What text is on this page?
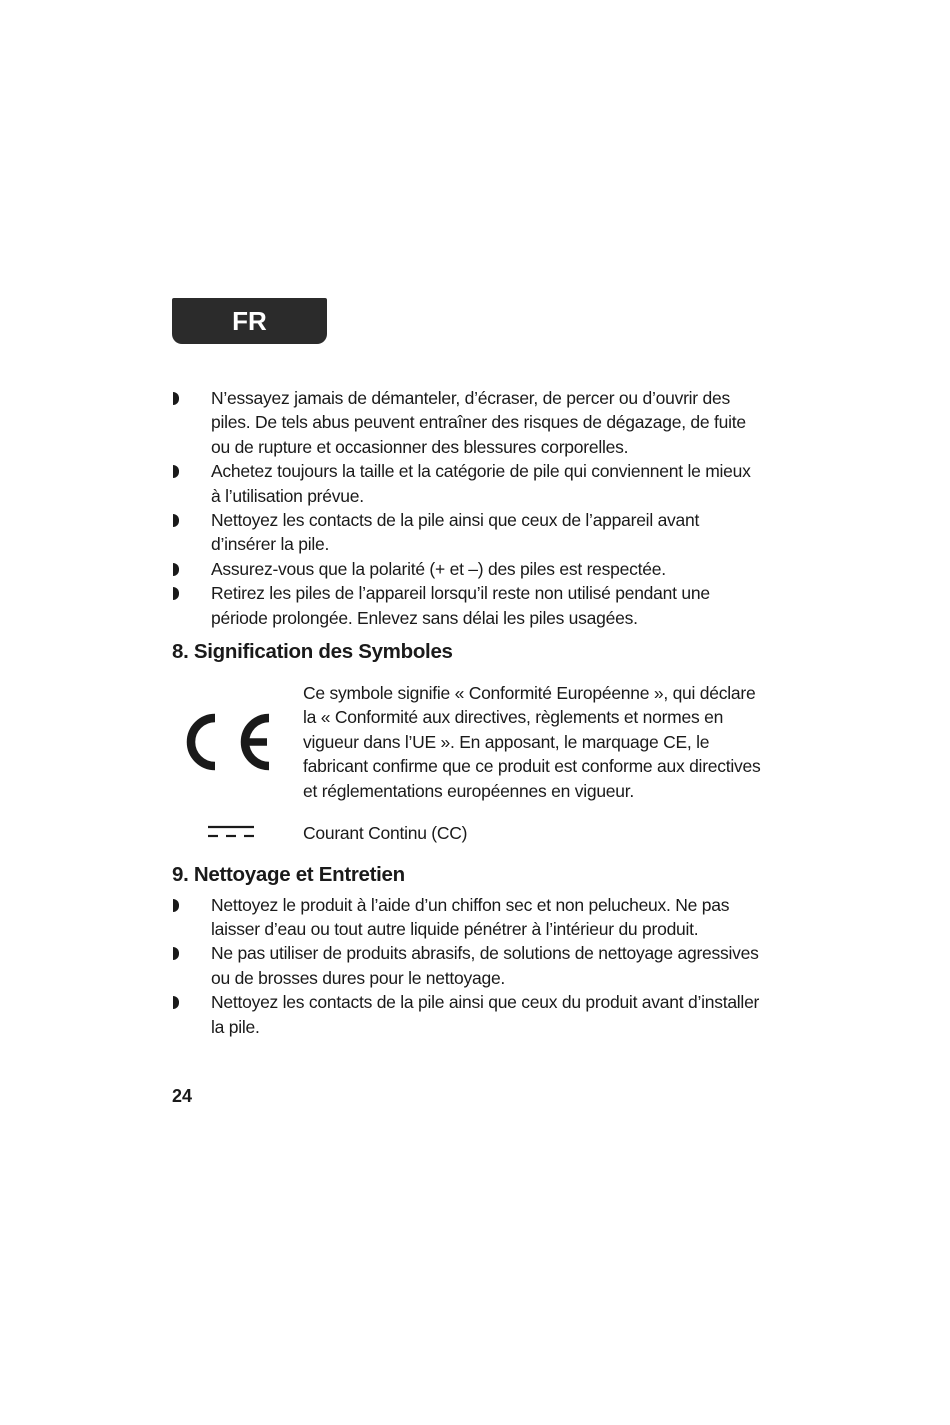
FR
N’essayez jamais de démanteler, d’écraser, de percer ou d’ouvrir des piles. De tels abus peuvent entraîner des risques de dégazage, de fuite ou de rupture et occasionner des blessures corporelles.
Achetez toujours la taille et la catégorie de pile qui conviennent le mieux à l’utilisation prévue.
Nettoyez les contacts de la pile ainsi que ceux de l’appareil avant d’insérer la pile.
Assurez-vous que la polarité (+ et –) des piles est respectée.
Retirez les piles de l’appareil lorsqu’il reste non utilisé pendant une période prolongée. Enlevez sans délai les piles usagées.
8. Signification des Symboles
Ce symbole signifie « Conformité Européenne », qui déclare la « Conformité aux directives, règlements et normes en vigueur dans l’UE ». En apposant, le marquage CE, le fabricant confirme que ce produit est conforme aux directives et réglementations européennes en vigueur.
Courant Continu (CC)
9. Nettoyage et Entretien
Nettoyez le produit à l’aide d’un chiffon sec et non pelucheux. Ne pas laisser d’eau ou tout autre liquide pénétrer à l’intérieur du produit.
Ne pas utiliser de produits abrasifs, de solutions de nettoyage agressives ou de brosses dures pour le nettoyage.
Nettoyez les contacts de la pile ainsi que ceux du produit avant d’installer la pile.
24
